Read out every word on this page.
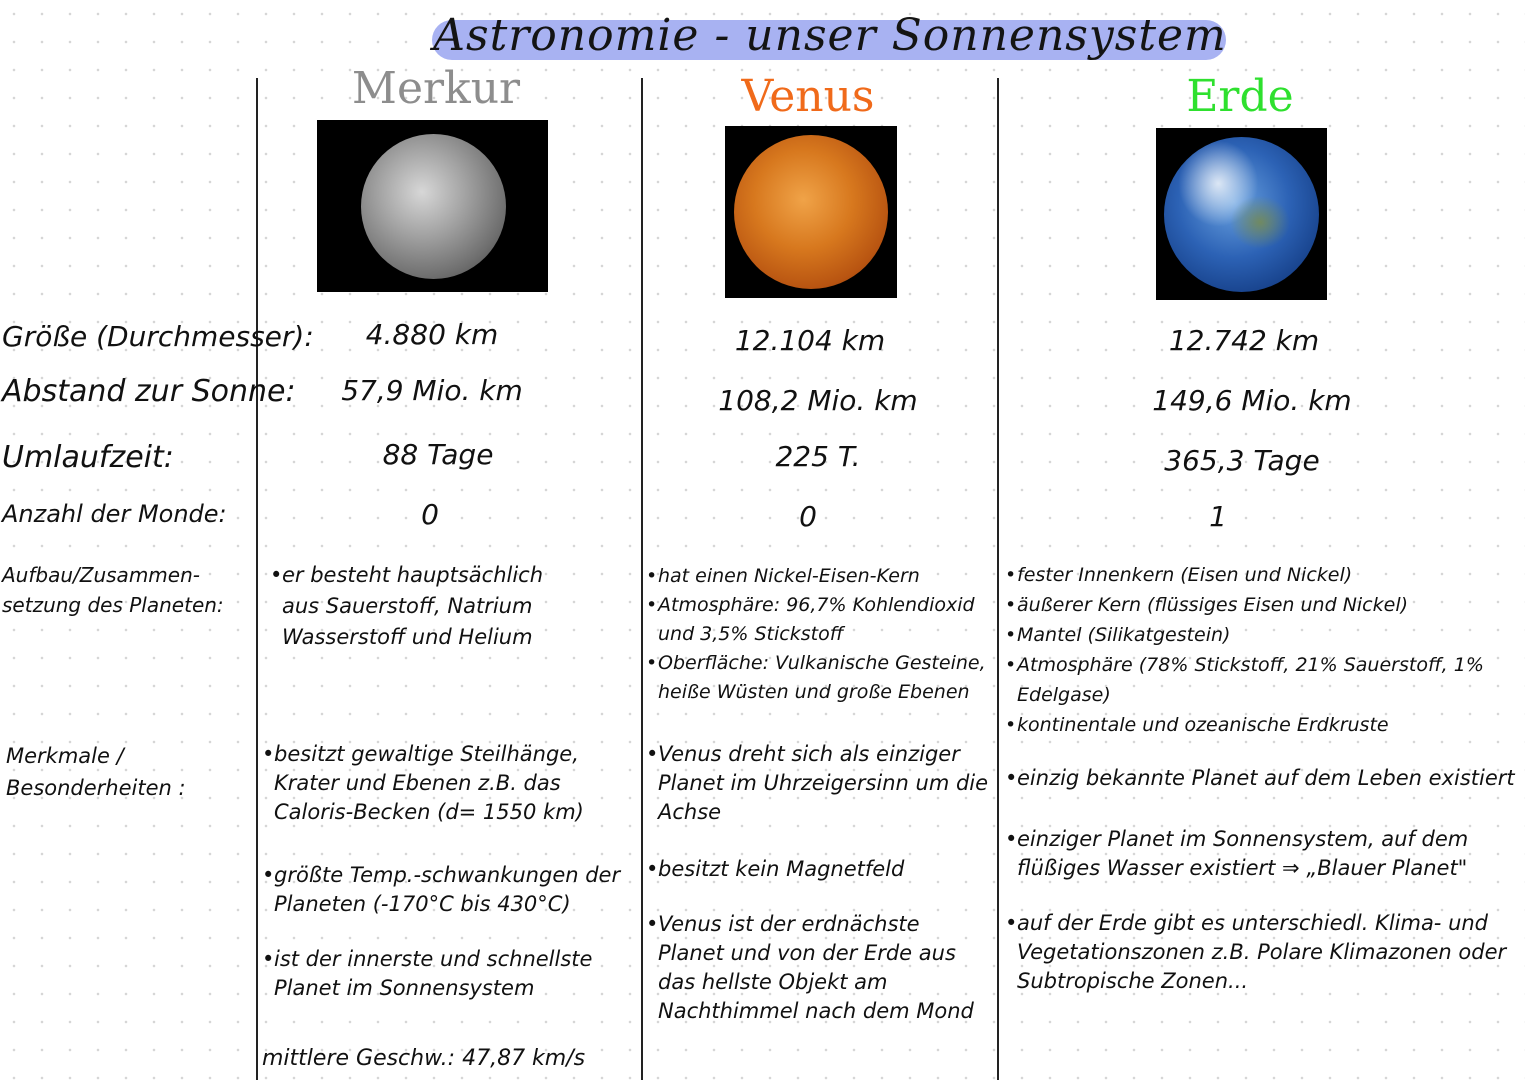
Astronomie - unser Sonnensystem
Merkur	Venus	Erde
Größe (Durchmesser):
Abstand zur Sonne:
Umlaufzeit:
Anzahl der Monde:
Aufbau/Zusammen-setzung des Planeten:
Merkmale / Besonderheiten :
4.880 km
57,9 Mio. km
88 Tage
0
12.104 km
108,2 Mio. km
225 T.
0
12.742 km
149,6 Mio. km
365,3 Tage
1
• er besteht hauptsächlich aus Sauerstoff, Natrium Wasserstoff und Helium
• hat einen Nickel-Eisen-Kern
• Atmosphäre: 96,7% Kohlendioxid und 3,5% Stickstoff
• Oberfläche: Vulkanische Gesteine, heiße Wüsten und große Ebenen
• fester Innenkern (Eisen und Nickel)
• äußerer Kern (flüssiges Eisen und Nickel)
• Mantel (Silikatgestein)
• Atmosphäre (78% Stickstoff, 21% Sauerstoff, 1% Edelgase)
• kontinentale und ozeanische Erdkruste
• besitzt gewaltige Steilhänge, Krater und Ebenen z.B. das Caloris-Becken (d= 1550 km)
• größte Temp.-schwankungen der Planeten (-170°C bis 430°C)
• ist der innerste und schnellste Planet im Sonnensystem
mittlere Geschw.: 47,87 km/s
• Venus dreht sich als einziger Planet im Uhrzeigersinn um die Achse
• besitzt kein Magnetfeld
• Venus ist der erdnächste Planet und von der Erde aus das hellste Objekt am Nachthimmel nach dem Mond
• einzig bekannte Planet auf dem Leben existiert
• einziger Planet im Sonnensystem, auf dem flüßiges Wasser existiert ⇒ „Blauer Planet"
• auf der Erde gibt es unterschiedl. Klima- und Vegetationszonen z.B. Polare Klimazonen oder Subtropische Zonen...
